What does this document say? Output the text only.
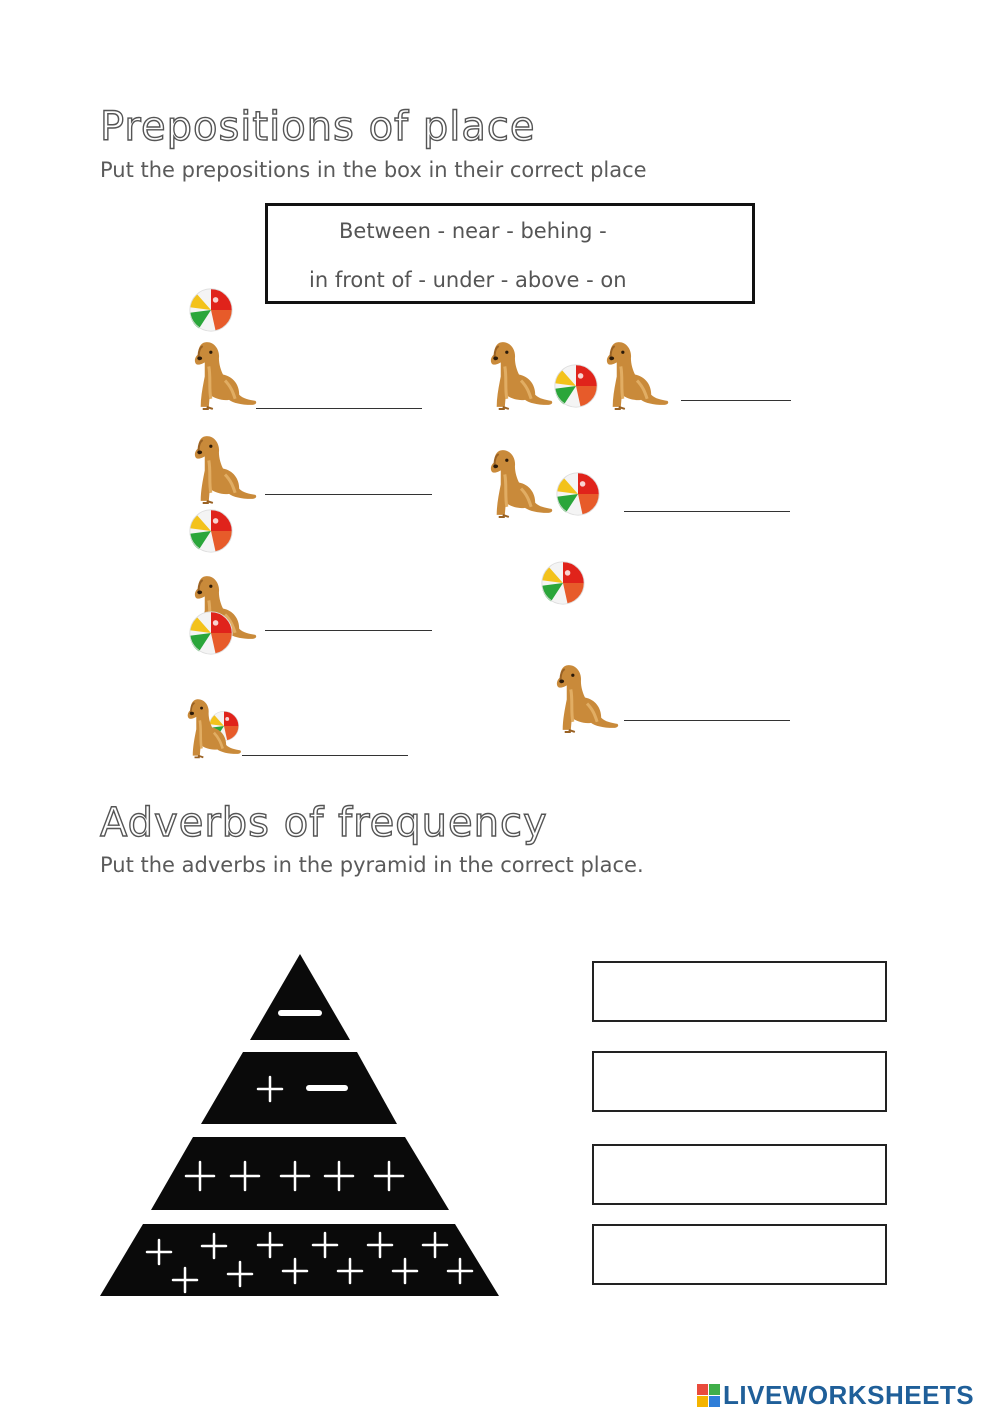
Prepositions of place
Put the prepositions in the box in their correct place
Between - near - behing -
in front of - under - above - on
Adverbs of frequency
Put the adverbs in the pyramid in the correct place.
LIVEWORKSHEETS
